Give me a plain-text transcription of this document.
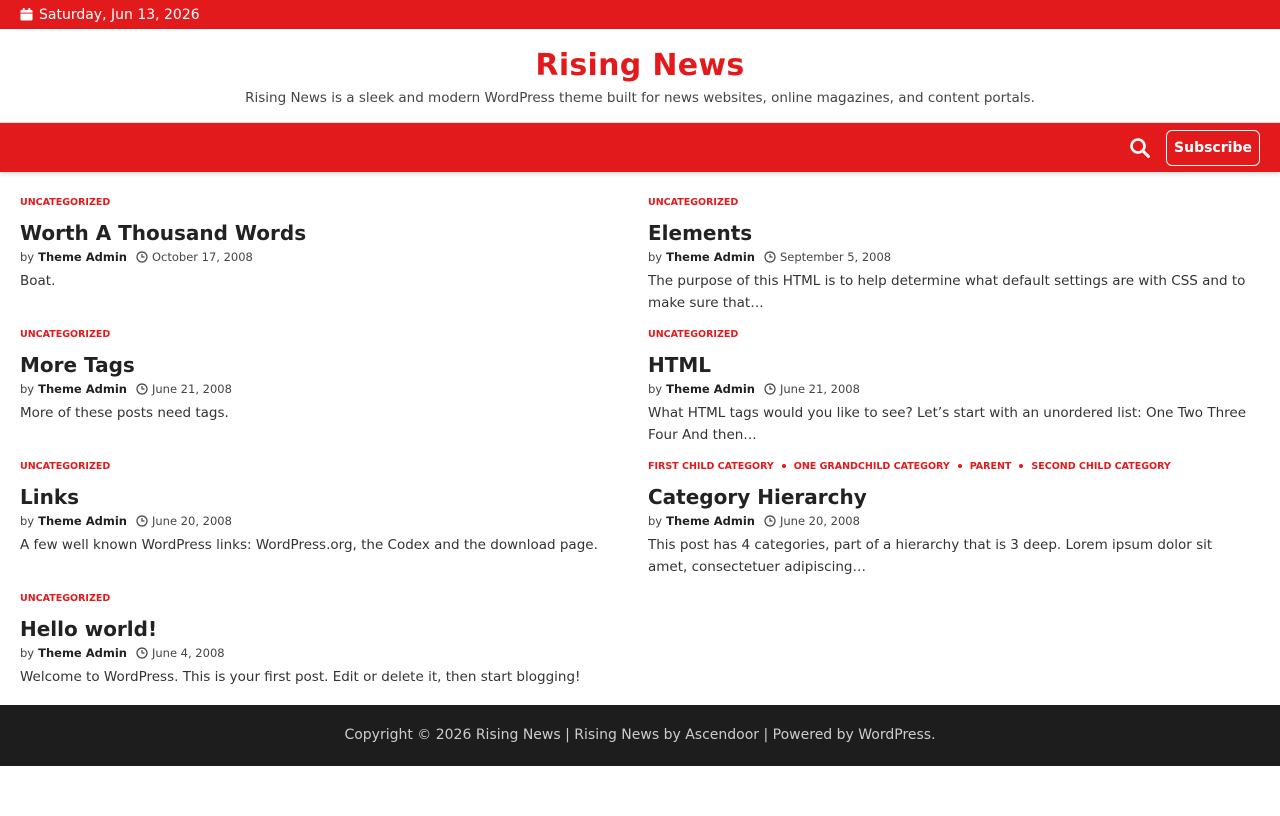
Saturday, Jun 13, 2026
Rising News
Rising News is a sleek and modern WordPress theme built for news websites, online magazines, and content portals.
Subscribe
UNCATEGORIZED
Worth A Thousand Words
by Theme Admin October 17, 2008

Boat.

UNCATEGORIZED
Elements
by Theme Admin September 5, 2008

The purpose of this HTML is to help determine what default settings are with CSS and to make sure that…

UNCATEGORIZED
More Tags
by Theme Admin June 21, 2008

More of these posts need tags.

UNCATEGORIZED
HTML
by Theme Admin June 21, 2008

What HTML tags would you like to see? Let’s start with an unordered list: One Two Three Four And then…

UNCATEGORIZED
Links
by Theme Admin June 20, 2008

A few well known WordPress links: WordPress.org, the Codex and the download page.

FIRST CHILD CATEGORY ONE GRANDCHILD CATEGORY PARENT SECOND CHILD CATEGORY
Category Hierarchy
by Theme Admin June 20, 2008

This post has 4 categories, part of a hierarchy that is 3 deep. Lorem ipsum dolor sit amet, consectetuer adipiscing…

UNCATEGORIZED
Hello world!
by Theme Admin June 4, 2008

Welcome to WordPress. This is your first post. Edit or delete it, then start blogging!

Copyright © 2026 Rising News | Rising News by Ascendoor | Powered by WordPress.
